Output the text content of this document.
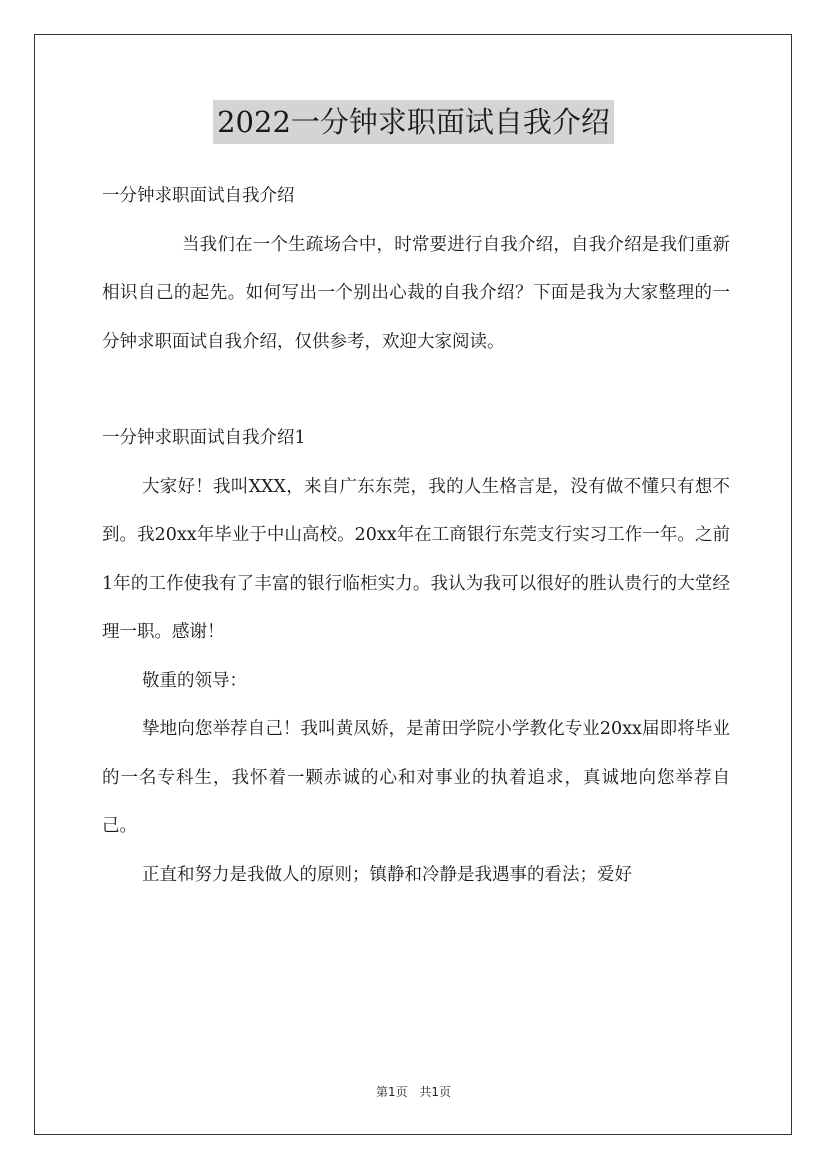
2022一分钟求职面试自我介绍

一分钟求职面试自我介绍

当我们在一个生疏场合中，时常要进行自我介绍，自我介绍是我们重新相识自己的起先。如何写出一个别出心裁的自我介绍？下面是我为大家整理的一分钟求职面试自我介绍，仅供参考，欢迎大家阅读。

一分钟求职面试自我介绍1

大家好！我叫XXX，来自广东东莞，我的人生格言是，没有做不懂只有想不到。我20xx年毕业于中山高校。20xx年在工商银行东莞支行实习工作一年。之前1年的工作使我有了丰富的银行临柜实力。我认为我可以很好的胜认贵行的大堂经理一职。感谢！

敬重的领导：

挚地向您举荐自己！我叫黄凤娇，是莆田学院小学教化专业20xx届即将毕业的一名专科生，我怀着一颗赤诚的心和对事业的执着追求，真诚地向您举荐自己。

正直和努力是我做人的原则；镇静和冷静是我遇事的看法；爱好

第1页 共1页
